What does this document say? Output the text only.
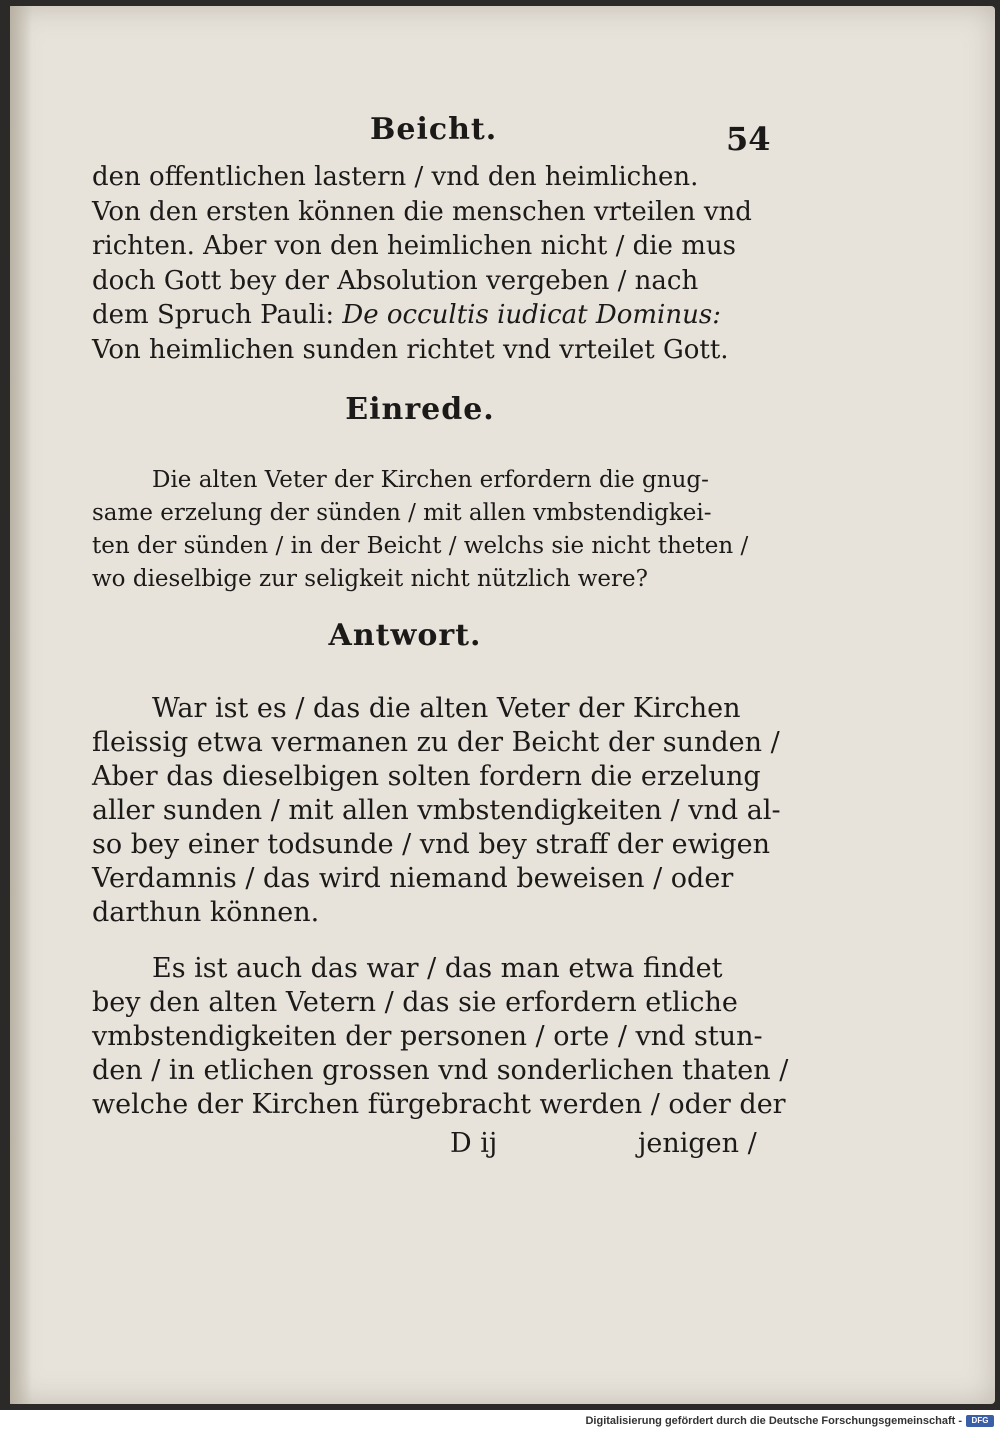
Beicht.	54
den offentlichen lastern / vnd den heimlichen.
Von den ersten können die menschen vrteilen vnd
richten. Aber von den heimlichen nicht / die mus
doch Gott bey der Absolution vergeben / nach
dem Spruch Pauli: De occultis iudicat Dominus:
Von heimlichen sunden richtet vnd vrteilet Gott.
Einrede.
Die alten Veter der Kirchen erfordern die gnug-
same erzelung der sünden / mit allen vmbstendigkei-
ten der sünden / in der Beicht / welchs sie nicht theten /
wo dieselbige zur seligkeit nicht nützlich were?
Antwort.
War ist es / das die alten Veter der Kirchen
fleissig etwa vermanen zu der Beicht der sunden /
Aber das dieselbigen solten fordern die erzelung
aller sunden / mit allen vmbstendigkeiten / vnd al-
so bey einer todsunde / vnd bey straff der ewigen
Verdamnis / das wird niemand beweisen / oder
darthun können.
Es ist auch das war / das man etwa findet
bey den alten Vetern / das sie erfordern etliche
vmbstendigkeiten der personen / orte / vnd stun-
den / in etlichen grossen vnd sonderlichen thaten /
welche der Kirchen fürgebracht werden / oder der
D ij	jenigen /
Digitalisierung gefördert durch die Deutsche Forschungsgemeinschaft -	DFG
